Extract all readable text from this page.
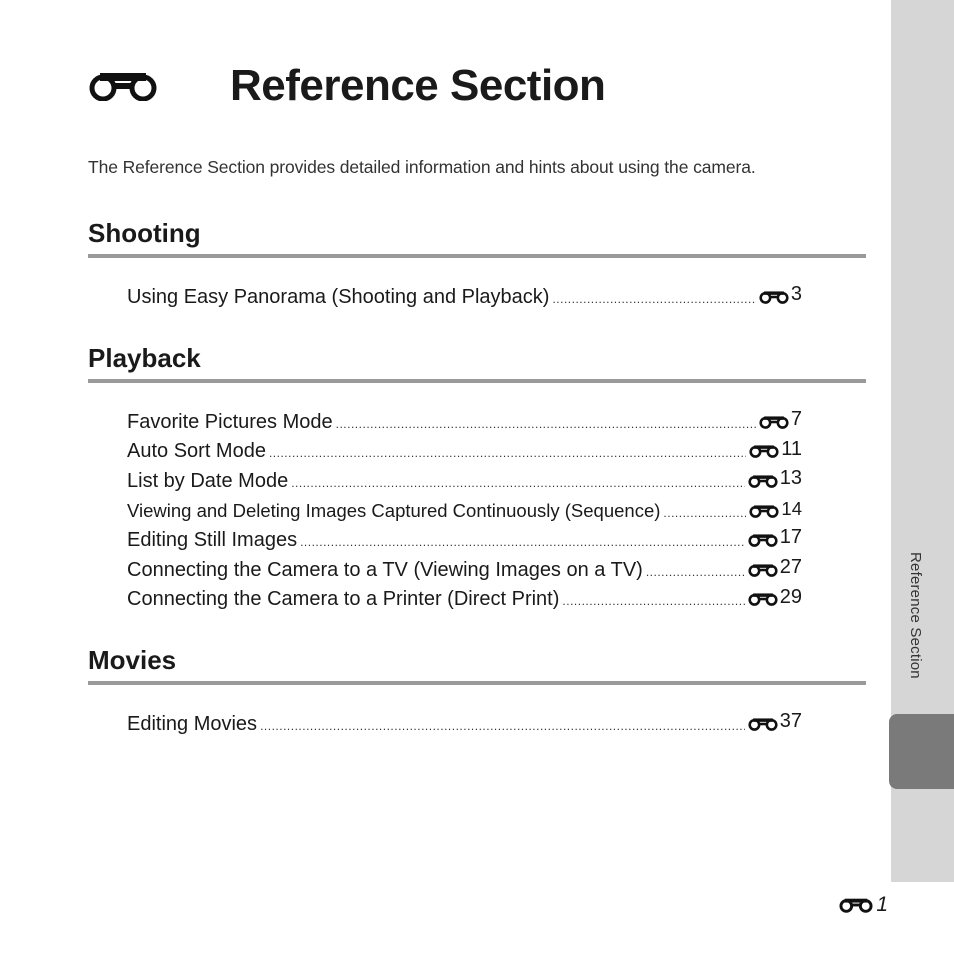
Reference Section
Reference Section

The Reference Section provides detailed information and hints about using the camera.

Shooting
Using Easy Panorama (Shooting and Playback) .....	3
Playback
Favorite Pictures Mode .....	7
Auto Sort Mode .....	11
List by Date Mode .....	13
Viewing and Deleting Images Captured Continuously (Sequence) .....	14
Editing Still Images .....	17
Connecting the Camera to a TV (Viewing Images on a TV) .....	27
Connecting the Camera to a Printer (Direct Print) .....	29
Movies
Editing Movies .....	37
1
